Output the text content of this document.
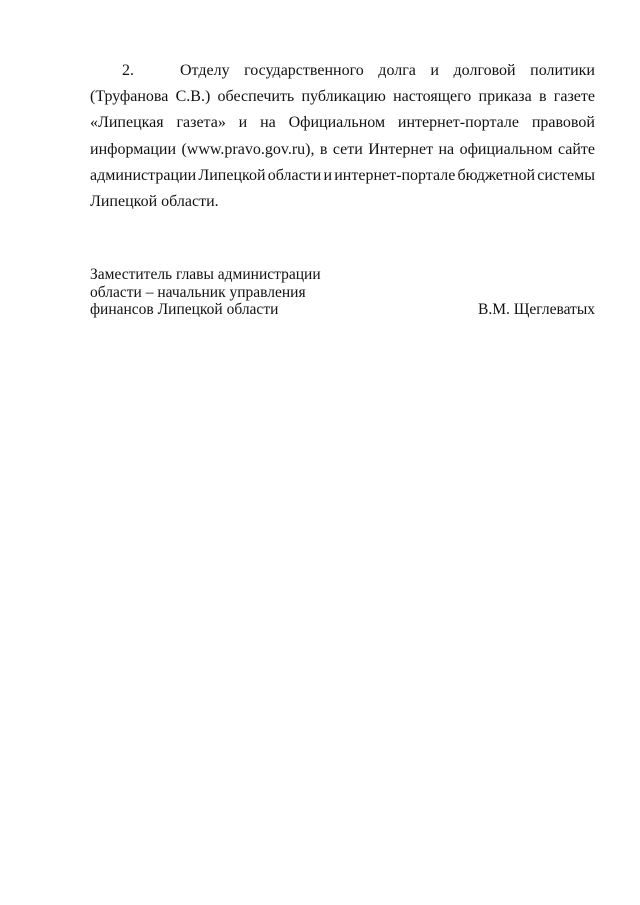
2.	Отделу государственного долга и долговой политики
(Труфанова С.В.) обеспечить публикацию настоящего приказа в газете
«Липецкая газета» и на Официальном интернет-портале правовой
информации (www.pravo.gov.ru), в сети Интернет на официальном сайте
администрации Липецкой области и интернет-портале бюджетной системы
Липецкой области.
Заместитель главы администрации
области – начальник управления
финансов Липецкой области	В.М. Щеглеватых
